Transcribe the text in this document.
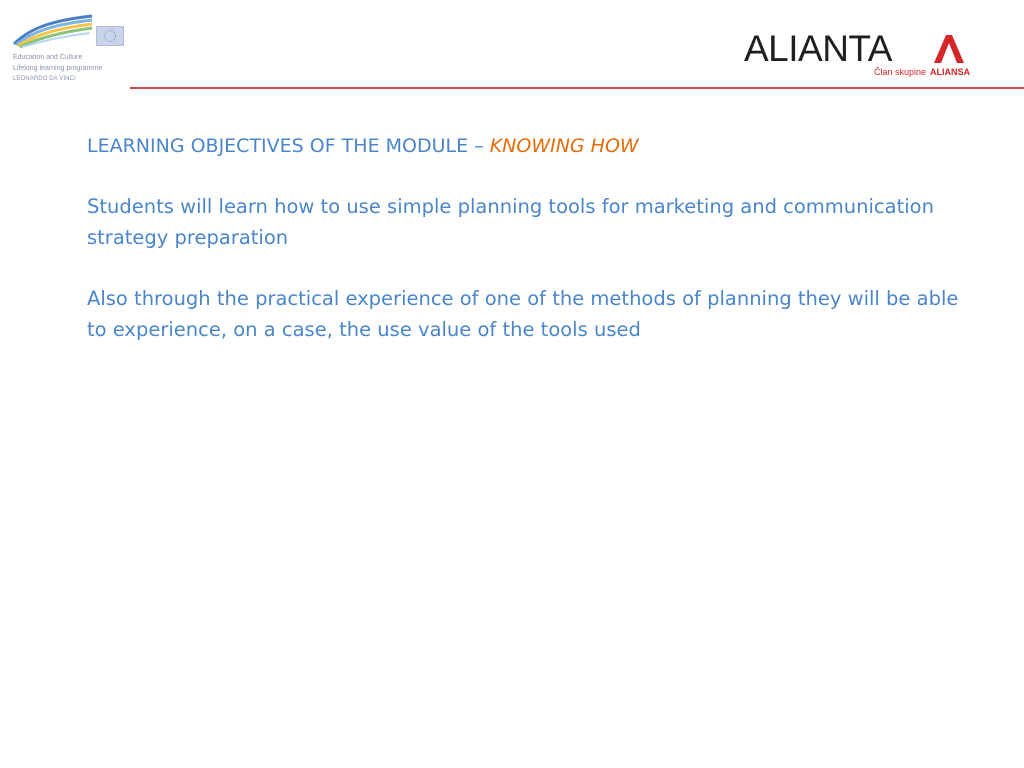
Education and Culture
Lifelong learning programme
LEONARDO DA VINCI
ALIANTA
Član skupine ALIANSA

LEARNING OBJECTIVES OF THE MODULE – KNOWING HOW

Students will learn how to use simple planning tools for marketing and communication strategy preparation

Also through the practical experience of one of the methods of planning they will be able to experience, on a case, the use value of the tools used
